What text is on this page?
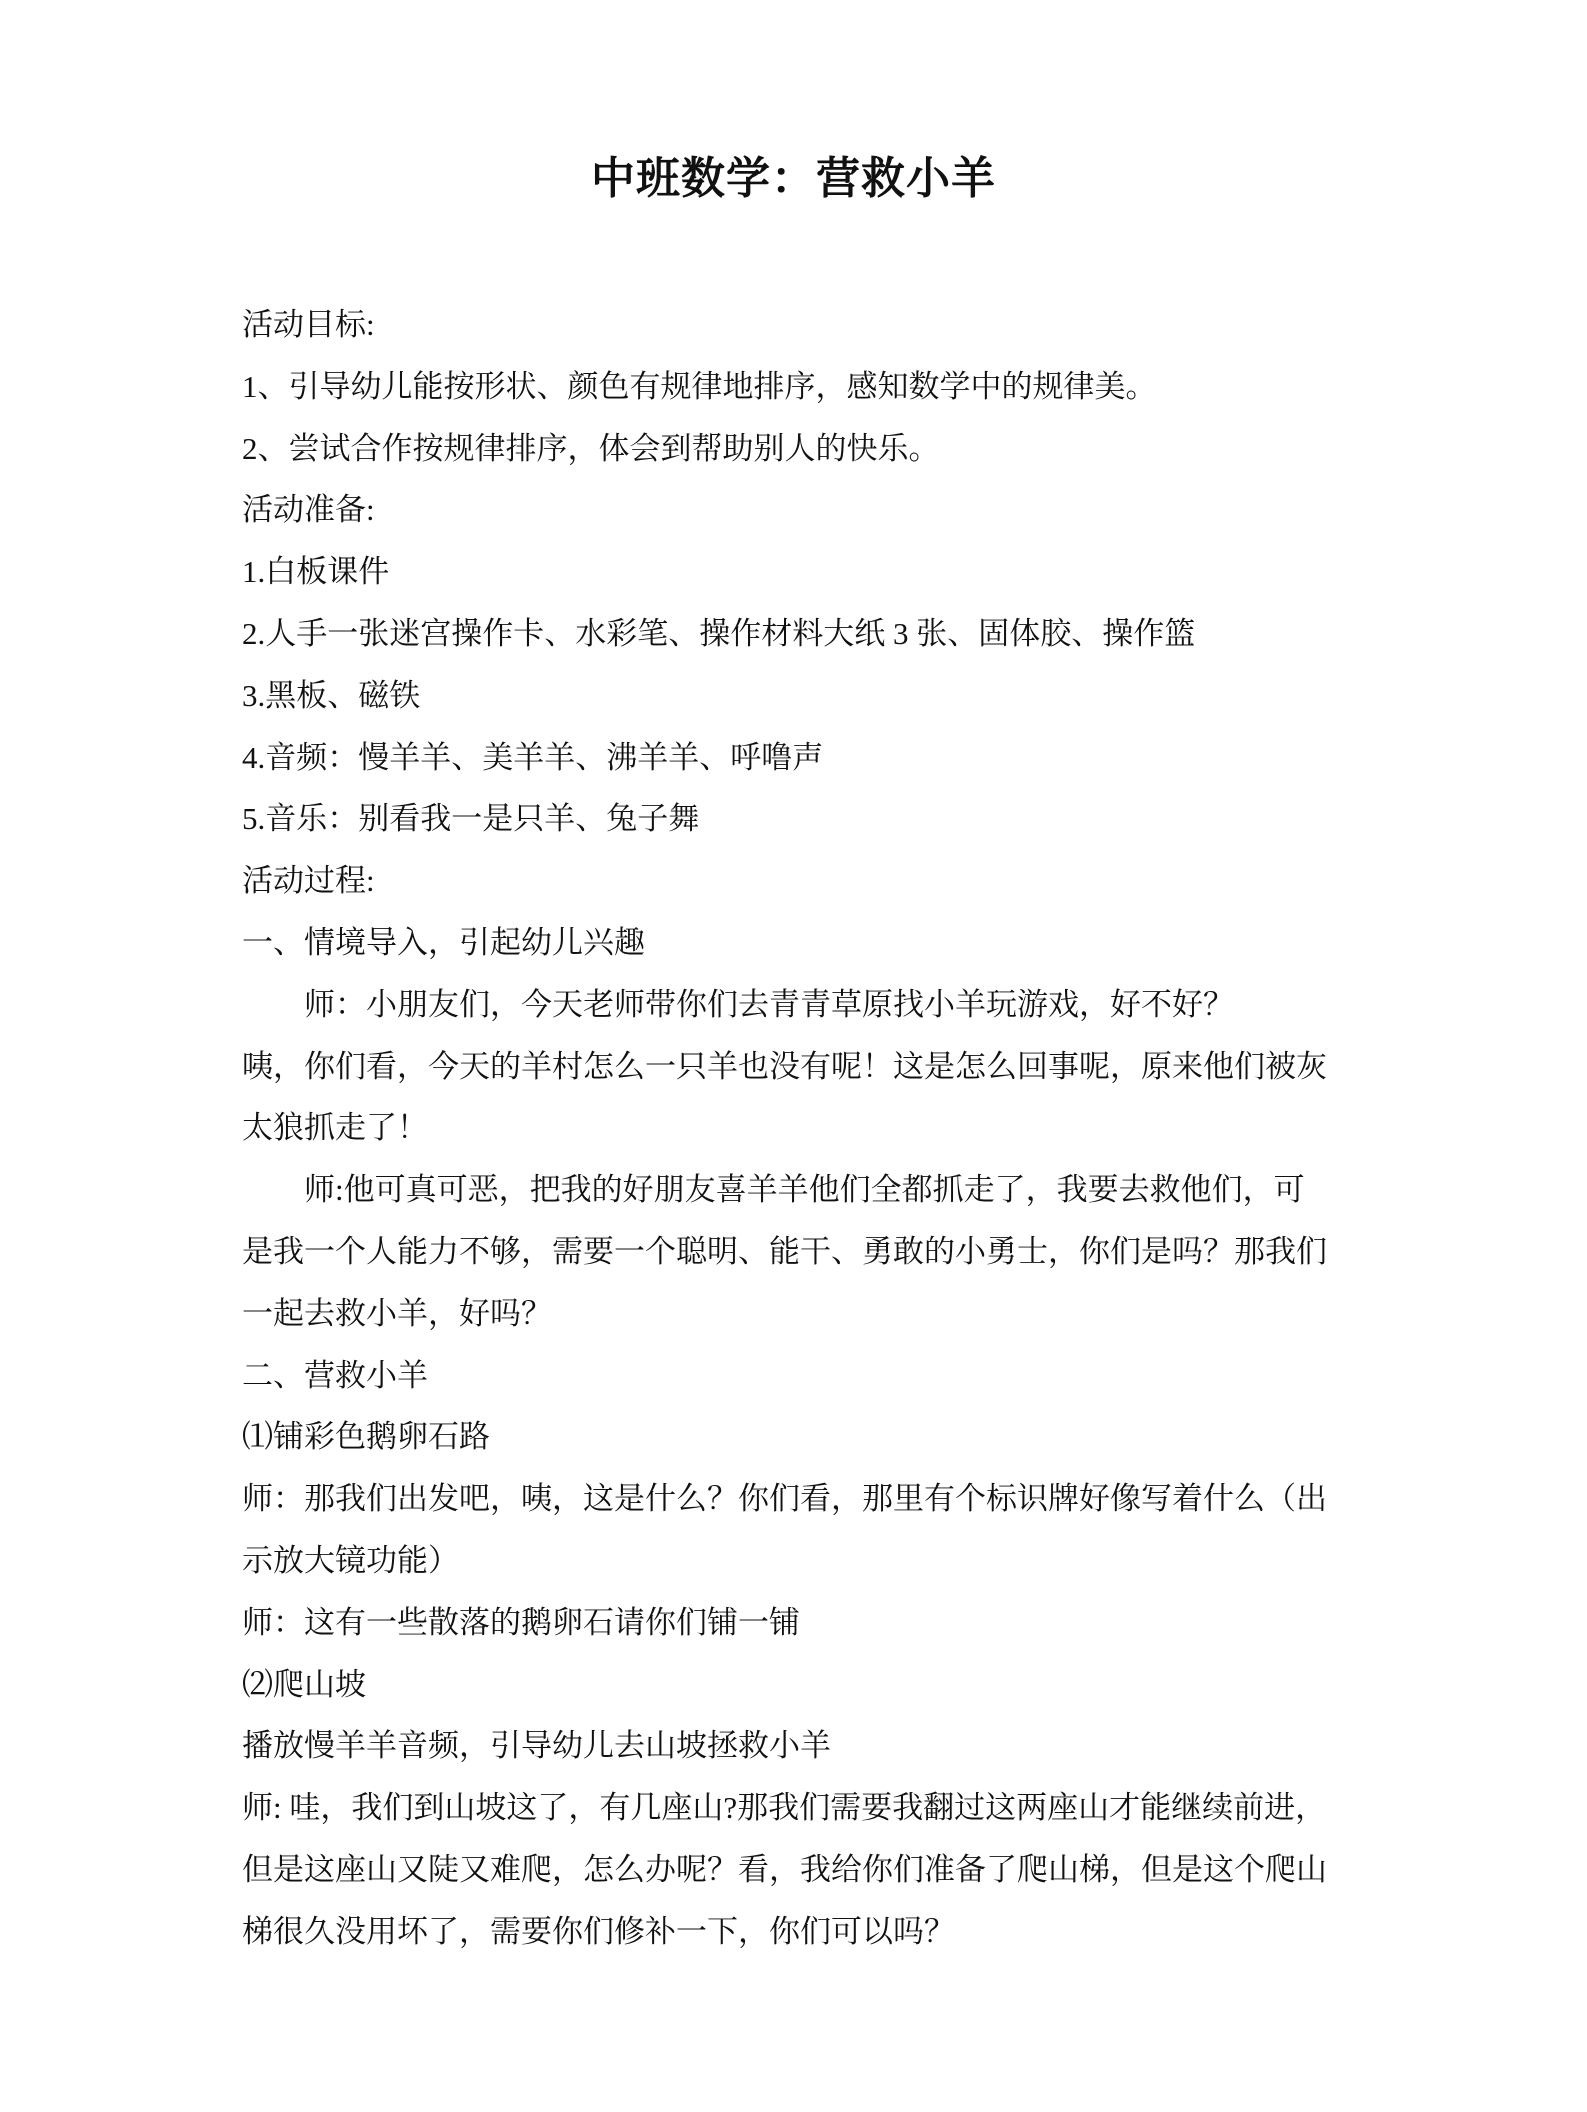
中班数学：营救小羊
活动目标:
1、引导幼儿能按形状、颜色有规律地排序，感知数学中的规律美。
2、尝试合作按规律排序，体会到帮助别人的快乐。
活动准备:
1.白板课件
2.人手一张迷宫操作卡、水彩笔、操作材料大纸 3 张、固体胶、操作篮
3.黑板、磁铁
4.音频：慢羊羊、美羊羊、沸羊羊、呼噜声
5.音乐：别看我一是只羊、兔子舞
活动过程:
一、情境导入，引起幼儿兴趣
师：小朋友们，今天老师带你们去青青草原找小羊玩游戏，好不好？
咦，你们看，今天的羊村怎么一只羊也没有呢！这是怎么回事呢，原来他们被灰
太狼抓走了！
师:他可真可恶，把我的好朋友喜羊羊他们全都抓走了，我要去救他们，可
是我一个人能力不够，需要一个聪明、能干、勇敢的小勇士，你们是吗？那我们
一起去救小羊，好吗？
二、营救小羊
⑴铺彩色鹅卵石路
师：那我们出发吧，咦，这是什么？你们看，那里有个标识牌好像写着什么（出
示放大镜功能）
师：这有一些散落的鹅卵石请你们铺一铺
⑵爬山坡
播放慢羊羊音频，引导幼儿去山坡拯救小羊
师: 哇，我们到山坡这了，有几座山?那我们需要我翻过这两座山才能继续前进，
但是这座山又陡又难爬，怎么办呢？看，我给你们准备了爬山梯，但是这个爬山
梯很久没用坏了，需要你们修补一下，你们可以吗？
